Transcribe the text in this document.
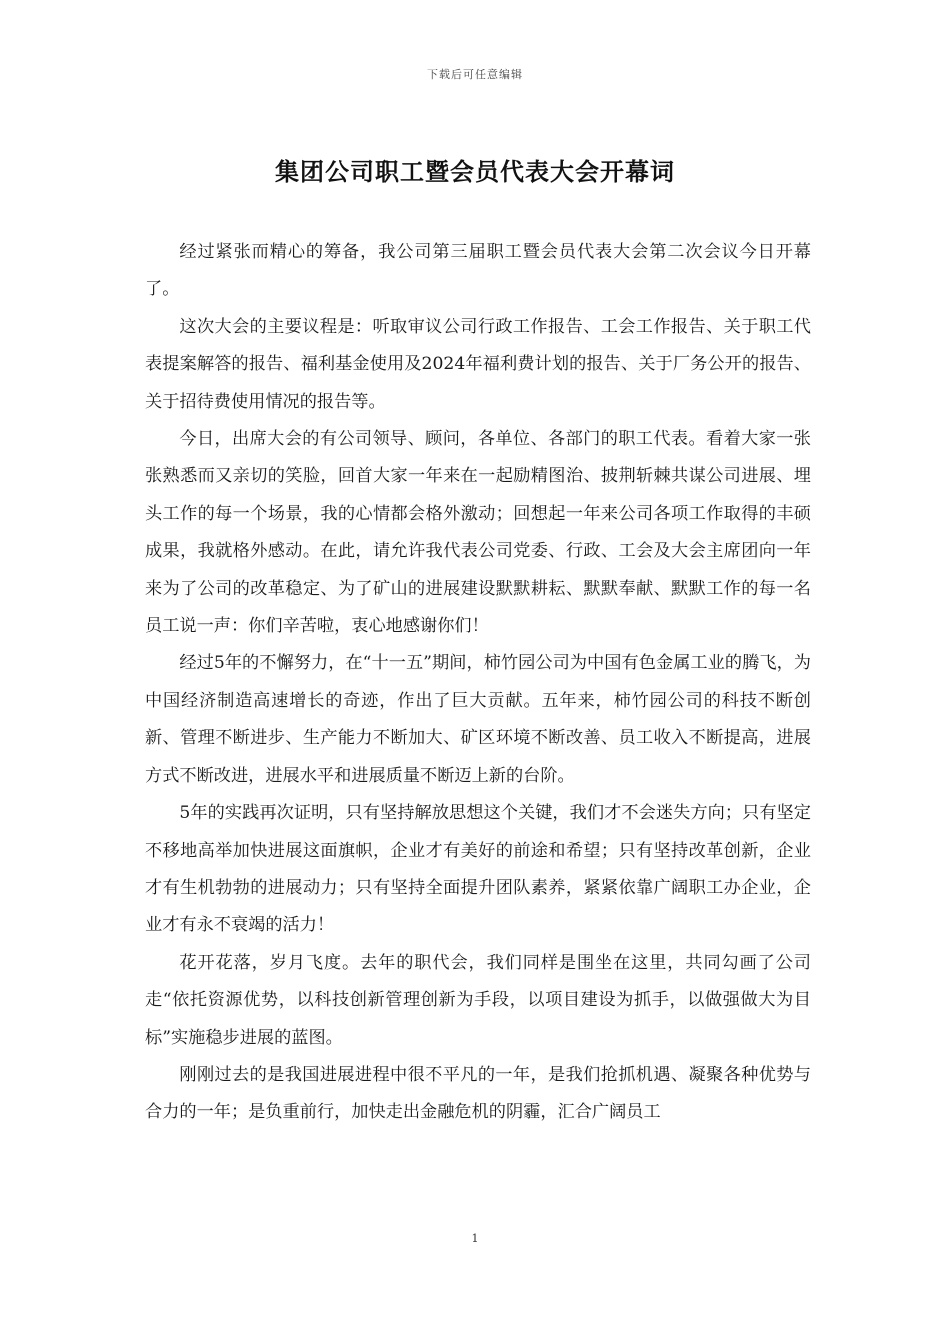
下载后可任意编辑
集团公司职工暨会员代表大会开幕词

经过紧张而精心的筹备，我公司第三届职工暨会员代表大会第二次会议今日开幕了。

这次大会的主要议程是：听取审议公司行政工作报告、工会工作报告、关于职工代表提案解答的报告、福利基金使用及2024年福利费计划的报告、关于厂务公开的报告、关于招待费使用情况的报告等。

今日，出席大会的有公司领导、顾问，各单位、各部门的职工代表。看着大家一张张熟悉而又亲切的笑脸，回首大家一年来在一起励精图治、披荆斩棘共谋公司进展、埋头工作的每一个场景，我的心情都会格外激动；回想起一年来公司各项工作取得的丰硕成果，我就格外感动。在此，请允许我代表公司党委、行政、工会及大会主席团向一年来为了公司的改革稳定、为了矿山的进展建设默默耕耘、默默奉献、默默工作的每一名员工说一声：你们辛苦啦，衷心地感谢你们！

经过5年的不懈努力，在“十一五”期间，柿竹园公司为中国有色金属工业的腾飞，为中国经济制造高速增长的奇迹，作出了巨大贡献。五年来，柿竹园公司的科技不断创新、管理不断进步、生产能力不断加大、矿区环境不断改善、员工收入不断提高，进展方式不断改进，进展水平和进展质量不断迈上新的台阶。

5年的实践再次证明，只有坚持解放思想这个关键，我们才不会迷失方向；只有坚定不移地高举加快进展这面旗帜，企业才有美好的前途和希望；只有坚持改革创新，企业才有生机勃勃的进展动力；只有坚持全面提升团队素养，紧紧依靠广阔职工办企业，企业才有永不衰竭的活力！

花开花落，岁月飞度。去年的职代会，我们同样是围坐在这里，共同勾画了公司走“依托资源优势，以科技创新管理创新为手段，以项目建设为抓手，以做强做大为目标”实施稳步进展的蓝图。

刚刚过去的是我国进展进程中很不平凡的一年，是我们抢抓机遇、凝聚各种优势与合力的一年；是负重前行，加快走出金融危机的阴霾，汇合广阔员工

1
